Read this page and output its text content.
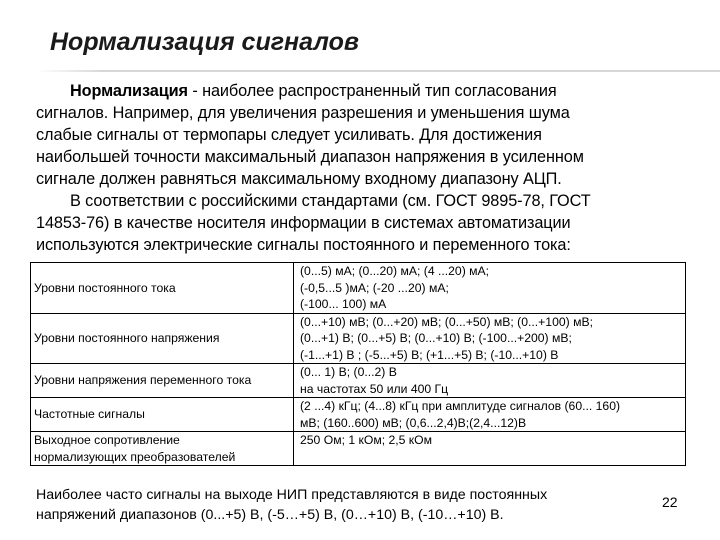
Нормализация сигналов

Нормализация - наиболее распространенный тип согласования

сигналов. Например, для увеличения разрешения и уменьшения шума

слабые сигналы от термопары следует усиливать. Для достижения

наибольшей точности максимальный диапазон напряжения в усиленном

сигнале должен равняться максимальному входному диапазону АЦП.

В соответствии с российскими стандартами (см. ГОСТ 9895-78, ГОСТ

14853-76) в качестве носителя информации в системах автоматизации

используются электрические сигналы постоянного и переменного тока:

Уровни постоянного тока	(0...5) мА; (0...20) мА; (4 ...20) мА;
(-0,5...5 )мА; (-20 ...20) мА;
(-100... 100) мА

Уровни постоянного напряжения	(0...+10) мВ; (0...+20) мВ; (0...+50) мВ; (0...+100) мВ;
(0...+1) В; (0...+5) В; (0...+10) В; (-100...+200) мВ;
(-1...+1) В ; (-5...+5) В; (+1...+5) В; (-10...+10) В

Уровни напряжения переменного тока	(0... 1) В; (0...2) В
на частотах 50 или 400 Гц

Частотные сигналы	(2 ...4) кГц; (4...8) кГц при амплитуде сигналов (60... 160)
мВ; (160..600) мВ; (0,6...2,4)В;(2,4...12)В

Выходное сопротивление
нормализующих преобразователей	250 Ом; 1 кОм; 2,5 кОм
Наиболее часто сигналы на выходе НИП представляются в виде постоянных
напряжений диапазонов (0...+5) В, (-5…+5) В, (0…+10) В, (-10…+10) В.
22
